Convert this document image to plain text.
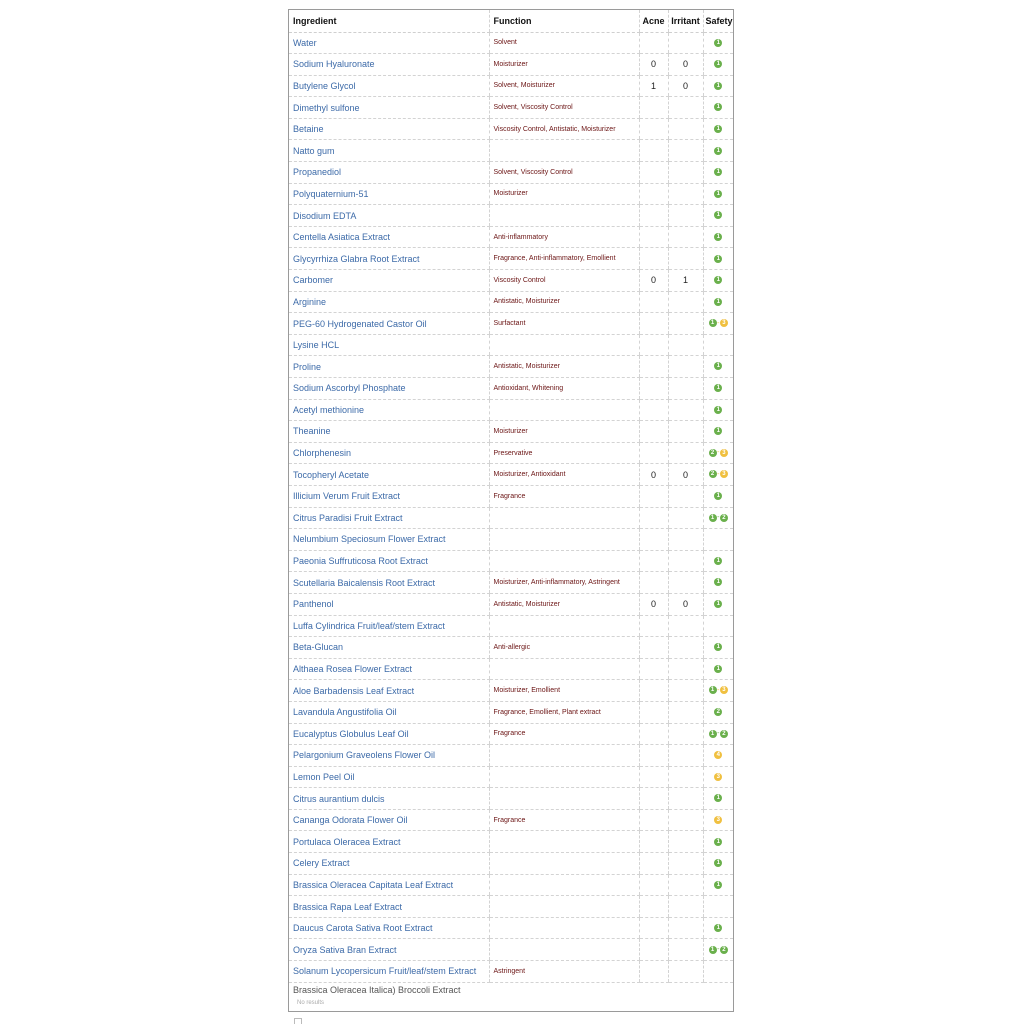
Ingredient	Function	Acne	Irritant	Safety
Water	Solvent			1
Sodium Hyaluronate	Moisturizer	0	0	1
Butylene Glycol	Solvent, Moisturizer	1	0	1
Dimethyl sulfone	Solvent, Viscosity Control			1
Betaine	Viscosity Control, Antistatic, Moisturizer			1
Natto gum				1
Propanediol	Solvent, Viscosity Control			1
Polyquaternium-51	Moisturizer			1
Disodium EDTA				1
Centella Asiatica Extract	Anti-inflammatory			1
Glycyrrhiza Glabra Root Extract	Fragrance, Anti-inflammatory, Emollient			1
Carbomer	Viscosity Control	0	1	1
Arginine	Antistatic, Moisturizer			1
PEG-60 Hydrogenated Castor Oil	Surfactant			1 - 3
Lysine HCL				
Proline	Antistatic, Moisturizer			1
Sodium Ascorbyl Phosphate	Antioxidant, Whitening			1
Acetyl methionine				1
Theanine	Moisturizer			1
Chlorphenesin	Preservative			2 - 3
Tocopheryl Acetate	Moisturizer, Antioxidant	0	0	2 - 3
Illicium Verum Fruit Extract	Fragrance			1
Citrus Paradisi Fruit Extract				1 - 2
Nelumbium Speciosum Flower Extract				
Paeonia Suffruticosa Root Extract				1
Scutellaria Baicalensis Root Extract	Moisturizer, Anti-inflammatory, Astringent			1
Panthenol	Antistatic, Moisturizer	0	0	1
Luffa Cylindrica Fruit/leaf/stem Extract				
Beta-Glucan	Anti-allergic			1
Althaea Rosea Flower Extract				1
Aloe Barbadensis Leaf Extract	Moisturizer, Emollient			1 - 3
Lavandula Angustifolia Oil	Fragrance, Emollient, Plant extract			2
Eucalyptus Globulus Leaf Oil	Fragrance			1 - 2
Pelargonium Graveolens Flower Oil				4
Lemon Peel Oil				3
Citrus aurantium dulcis				1
Cananga Odorata Flower Oil	Fragrance			3
Portulaca Oleracea Extract				1
Celery Extract				1
Brassica Oleracea Capitata Leaf Extract				1
Brassica Rapa Leaf Extract				
Daucus Carota Sativa Root Extract				1
Oryza Sativa Bran Extract				1 - 2
Solanum Lycopersicum Fruit/leaf/stem Extract	Astringent			
Brassica Oleracea Italica) Broccoli Extract
No results
